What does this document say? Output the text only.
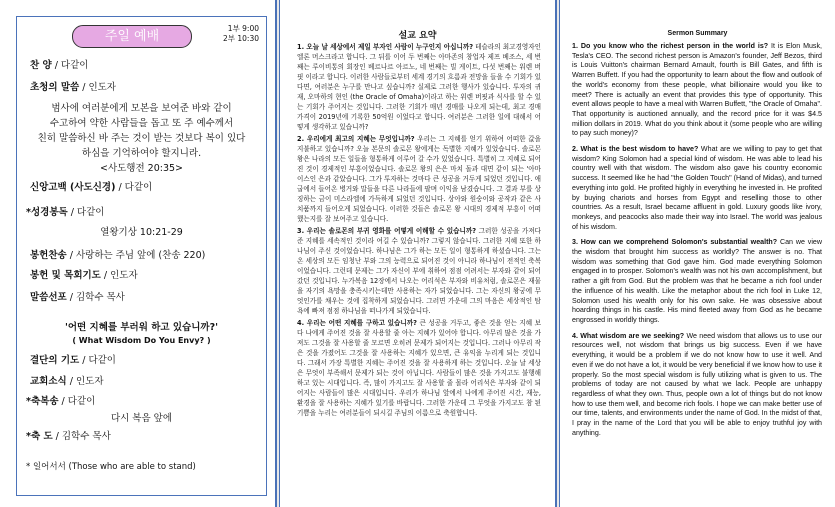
주일 예배
1부 9:00
2부 10:30
찬 양 / 다같이
초청의 말씀 / 인도자
범사에 여러분에게 모본을 보여준 바와 같이
수고하여 약한 사람들을 돕고 또 주 예수께서
친히 말씀하신 바 주는 것이 받는 것보다 복이 있다
하심을 기억하여야 할지니라.
<사도행전 20:35>
신앙고백 (사도신경) / 다같이
*성경봉독 / 다같이
열왕기상 10:21-29
봉헌찬송 / 사랑하는 주님 앞에 (찬송 220)
봉헌 및 목회기도 / 인도자
말씀선포 / 김학수 목사
'어떤 지혜를 부러워 하고 있습니까?'
( What Wisdom Do You Envy? )
결단의 기도 / 다같이
교회소식 / 인도자
*축복송 / 다같이
다시 복음 앞에
*축 도 / 김학수 목사
* 일어서서 (Those who are able to stand)
설교 요약

1. 오늘 날 세상에서 제일 부자인 사람이 누구인지 아십니까? 테슬라의 최고경영자인 엘론 머스크라고 합니다. 그 뒤를 이어 두 번째는 아마존의 창업자 제프 베조스, 세 번째는 루이비통의 회장인 베르나르 아르노, 네 번째는 빌 게이트, 다섯 번째는 워렌 버핏 이라고 합니다. 이러한 사람들로부터 세계 경기의 흐름과 전망을 들을 수 기회가 있다면, 여러분은 누구를 만나고 싶습니까? 실제로 그러한 행사가 있습니다. 투자의 귀재, 오마하의 현인 (the Oracle of Omaha)이라고 하는 위렌 버핏과 식사를 할 수 있는 기회가 주어지는 것입니다. 그러한 기회가 매년 경매를 나오게 되는데, 최고 경매 가격이 2019년에 기록한 50억원 이었다고 합니다. 여러분은 그러한 일에 대해서 어떻게 생각하고 있습니까?

2. 우리에게 최고의 지혜는 무엇입니까? 우리는 그 지혜를 얻기 위하여 어떠한 값을 지불하고 있습니까? 오늘 본문의 솔로몬 왕에게는 독별한 지혜가 있었습니다. 솔로몬 왕은 나라의 모든 일들을 형통하게 이루어 갈 수가 있었습니다. 특별히 그 지혜로 되어진 것이 경제적인 부흥이었습니다. 솔로몬 왕의 은은 마치 돌과 대면 같이 되는 '아마이스인 은과 같았습니다. 그가 투자하는 것마다 큰 성공을 거두게 되었던 것입니다. 애굽에서 들어온 병거와 말들을 다른 나라들에 팔며 이익을 남겼습니다. 그 결과 부를 상징하는 금이 미스라엘에 가득하게 되었던 것입니다. 상아와 원숭이와 공작과 같은 사치품까지 들어오게 되었습니다. 이러한 것들은 솔로몬 왕 시대의 경제적 부흥이 어떠했는지를 잘 보여주고 있습니다.

3. 우리는 솔로몬의 부귀 영화를 어떻게 이해할 수 있습니까? 그러한 성공을 가져다 준 지혜를 세속적인 것이라 여길 수 있습니까? 그렇지 않습니다. 그러한 지혜 또한 하나님이 주신 것이었습니다. 하나님은 그가 하는 모든 일이 형통하게 하셨습니다. 그는 온 세상의 모든 임청난 부와 그의 능력으로 되어진 것이 아니라 하나님이 전적인 축복이었습니다. 그런데 문제는 그가 자신이 부에 취하여 점점 어려서는 부자와 같이 되어 갔던 것입니다. 누가복음 12장에서 나오는 어리석은 부자와 비유처럼, 솔로몬은 재물을 자기의 욕망을 충족시키는데만 사용하는 자가 되었습니다. 그는 자신의 왕궁에 무엇인가를 채우는 것에 집착하게 되었습니다. 그러면 가운데 그의 마음은 세상적인 탐욕에 빠져 점점 하나님을 떠나가게 되었습니다.

4. 우리는 어떤 지혜를 구하고 있습니까? 큰 성공을 거두고, 좋은 것을 얻는 지혜 보다 나에게 주어진 것을 잘 사용할 줄 아는 지혜가 있어야 합니다. 아무리 많은 것을 가져도 그것을 잘 사용할 줄 모르면 오히려 문제가 되어지는 것입니다. 그러나 아무리 작은 것을 가졌어도 그것을 잘 사용하는 지혜가 있으면, 큰 유익을 누리게 되는 것입니다. 그래서 가장 특별한 지혜는 주어진 것을 잘 사용하게 하는 것입니다. 오늘 날 세상은 무엇이 부족해서 문제가 되는 것이 아닙니다. 사람들이 많은 것을 가지고도 불행해 하고 있는 시대입니다. 즉, 많이 가지고도 잘 사용할 줄 몰라 어리석은 부자와 같이 되어지는 사람들이 많은 시대입니다. 우리가 하나님 앞에서 나에게 주어진 시간, 재능, 환경을 잘 사용하는 지혜가 있기를 바랍니다. 그러한 가운데 그 무엇을 가지고도 참 된 기쁨을 누리는 여러분들이 되시길 주님의 이름으로 축원합니다.

Sermon Summary

1. Do you know who the richest person in the world is? It is Elon Musk, Tesla's CEO. The second richest person is Amazon's founder, Jeff Bezos, third is Louis Vuitton's chairman Bernard Arnault, fourth is Bill Gates, and fifth is Warren Buffett. If you had the opportunity to learn about the flow and outlook of the world's economy from these people, what billionaire would you like to meet? There is actually an event that provides this type of opportunity. This event allows people to have a meal with Warren Buffett, "the Oracle of Omaha". That opportunity is auctioned annually, and the record price for it was $4.5 million dollars in 2019. What do you think about it (some people who are willing to pay such money)?

2. What is the best wisdom to have? What are we willing to pay to get that wisdom? King Solomon had a special kind of wisdom. He was able to lead his country well with that wisdom. The wisdom also gave his country economic success. It seemed like he had "the Golden Touch" (Hand of Midas), and turned everything into gold. He profited highly in everything he invested in. He profited by buying chariots and horses from Egypt and reselling those to other countries. As a result, Israel became affluent in gold. Luxury goods like ivory, monkeys, and peacocks also made their way into Israel. The world was jealous of his wisdom.

3. How can we comprehend Solomon's substantial wealth? Can we view the wisdom that brought him success as worldly? The answer is no. That wisdom was something that God gave him. God made everything Solomon engaged in to prosper. Solomon's wealth was not his own accomplishment, but rather a gift from God. But the problem was that he became a rich fool under the influence of his wealth. Like the metaphor about the rich fool in Luke 12, Solomon used his wealth only for his own sake. He was obsessive about hoarding things in his castle. His mind fleeted away from God as he became engrossed in worldly things.

4. What wisdom are we seeking? We need wisdom that allows us to use our resources well, not wisdom that brings us big success. Even if we have everything, it would be a problem if we do not know how to use it well. And even if we do not have a lot, it would be very beneficial if we know how to use it properly. So the most special wisdom is fully utilizing what is given to us. The problems of today are not caused by what we lack. People are unhappy regardless of what they own. Thus, people own a lot of things but do not know how to use them well, and become rich fools. I hope we can make better use of our time, talents, and environments under the name of God. In the midst of that, I pray in the name of the Lord that you will be able to enjoy truthful joy with anything.
